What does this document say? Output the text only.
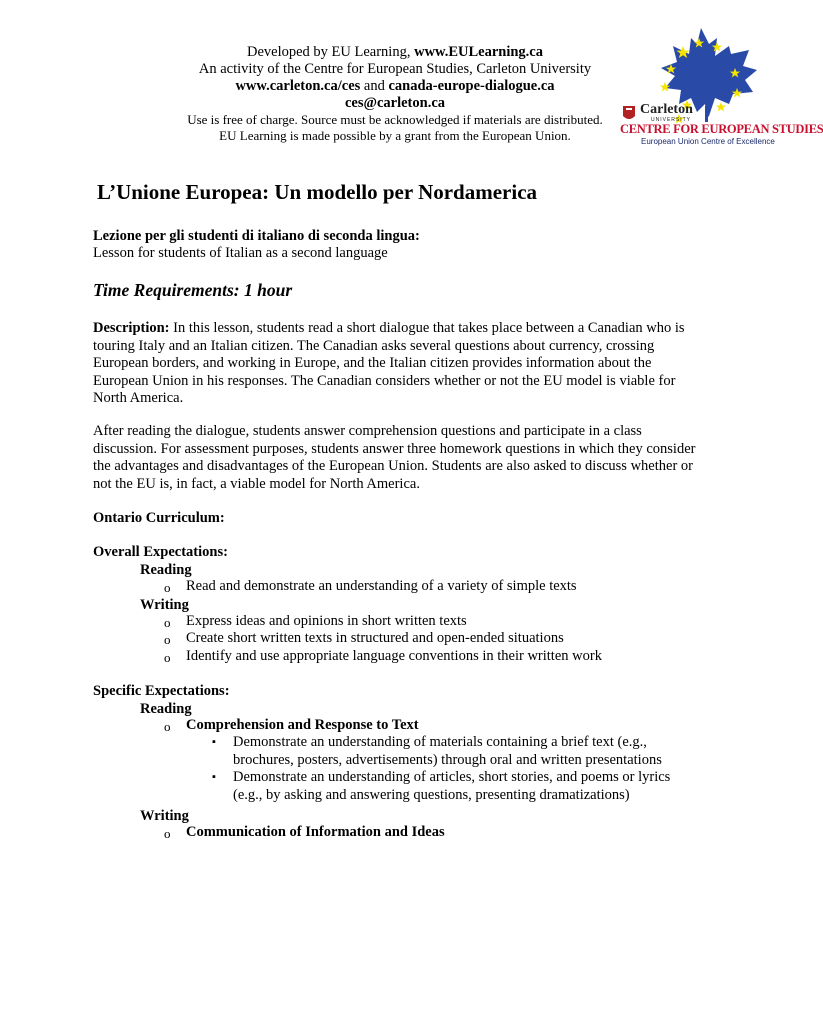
Developed by EU Learning, www.EULearning.ca
An activity of the Centre for European Studies, Carleton University
www.carleton.ca/ces and canada-europe-dialogue.ca
ces@carleton.ca
Use is free of charge. Source must be acknowledged if materials are distributed.
EU Learning is made possible by a grant from the European Union.
Carleton
UNIVERSITY
CENTRE FOR EUROPEAN STUDIES
European Union Centre of Excellence
L’Unione Europea: Un modello per Nordamerica
Lezione per gli studenti di italiano di seconda lingua:
Lesson for students of Italian as a second language
Time Requirements: 1 hour
Description: In this lesson, students read a short dialogue that takes place between a Canadian who is touring Italy and an Italian citizen. The Canadian asks several questions about currency, crossing European borders, and working in Europe, and the Italian citizen provides information about the European Union in his responses. The Canadian considers whether or not the EU model is viable for North America.
After reading the dialogue, students answer comprehension questions and participate in a class discussion. For assessment purposes, students answer three homework questions in which they consider the advantages and disadvantages of the European Union. Students are also asked to discuss whether or not the EU is, in fact, a viable model for North America.
Ontario Curriculum:
Overall Expectations:
Reading
o Read and demonstrate an understanding of a variety of simple texts
Writing
o Express ideas and opinions in short written texts
o Create short written texts in structured and open-ended situations
o Identify and use appropriate language conventions in their written work
Specific Expectations:
Reading
o Comprehension and Response to Text
▪ Demonstrate an understanding of materials containing a brief text (e.g., brochures, posters, advertisements) through oral and written presentations
▪ Demonstrate an understanding of articles, short stories, and poems or lyrics (e.g., by asking and answering questions, presenting dramatizations)
Writing
o Communication of Information and Ideas
